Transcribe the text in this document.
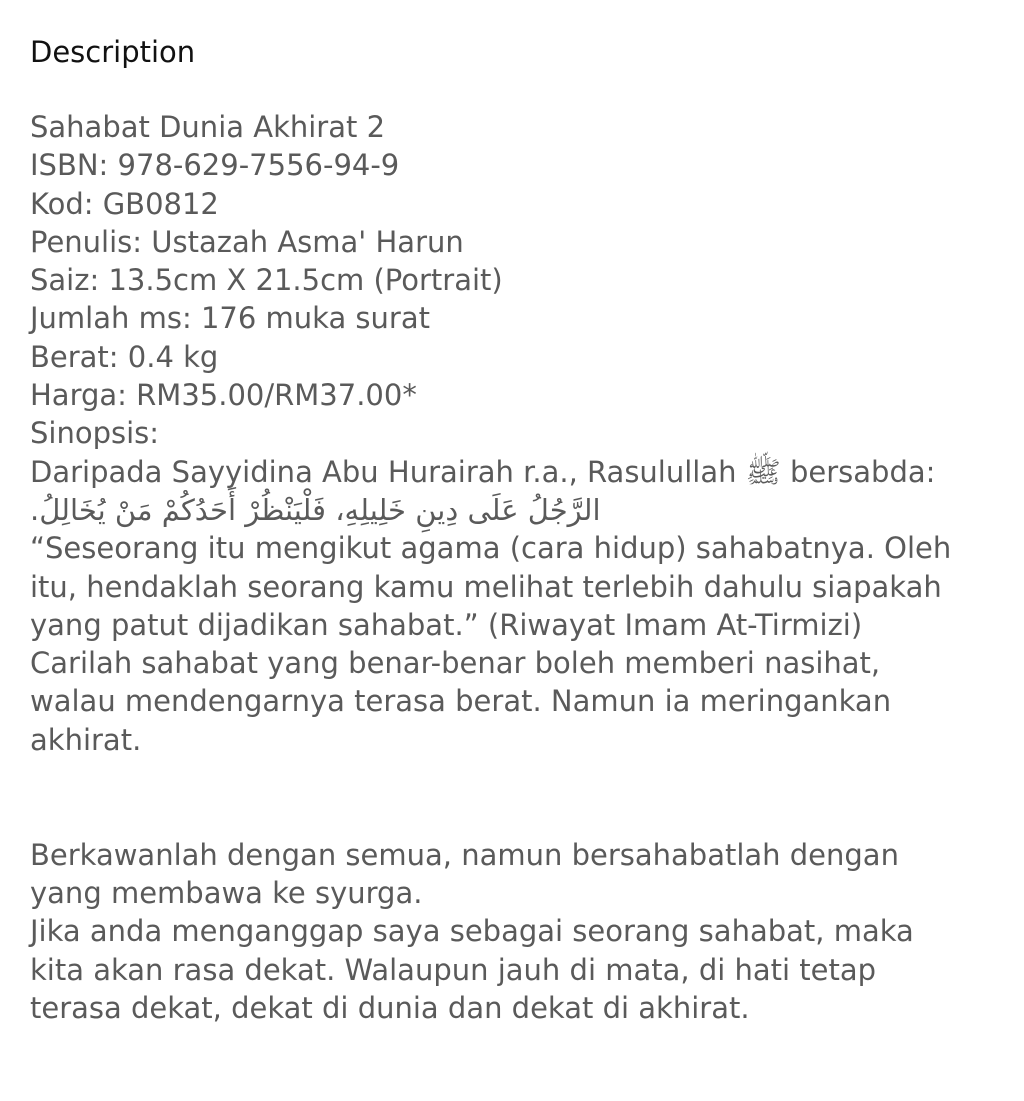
Description
Sahabat Dunia Akhirat 2
ISBN: 978-629-7556-94-9
Kod: GB0812
Penulis: Ustazah Asma' Harun
Saiz: 13.5cm X 21.5cm (Portrait)
Jumlah ms: 176 muka surat
Berat: 0.4 kg
Harga: RM35.00/RM37.00*
Sinopsis:
Daripada Sayyidina Abu Hurairah r.a., Rasulullah ﷺ bersabda:
الرَّجُلُ عَلَى دِينِ خَلِيلِهِ، فَلْيَنْظُرْ أَحَدُكُمْ مَنْ يُخَالِلُ.
“Seseorang itu mengikut agama (cara hidup) sahabatnya. Oleh
itu, hendaklah seorang kamu melihat terlebih dahulu siapakah
yang patut dijadikan sahabat.” (Riwayat Imam At-Tirmizi)
Carilah sahabat yang benar-benar boleh memberi nasihat,
walau mendengarnya terasa berat. Namun ia meringankan
akhirat.
Berkawanlah dengan semua, namun bersahabatlah dengan
yang membawa ke syurga.
Jika anda menganggap saya sebagai seorang sahabat, maka
kita akan rasa dekat. Walaupun jauh di mata, di hati tetap
terasa dekat, dekat di dunia dan dekat di akhirat.
